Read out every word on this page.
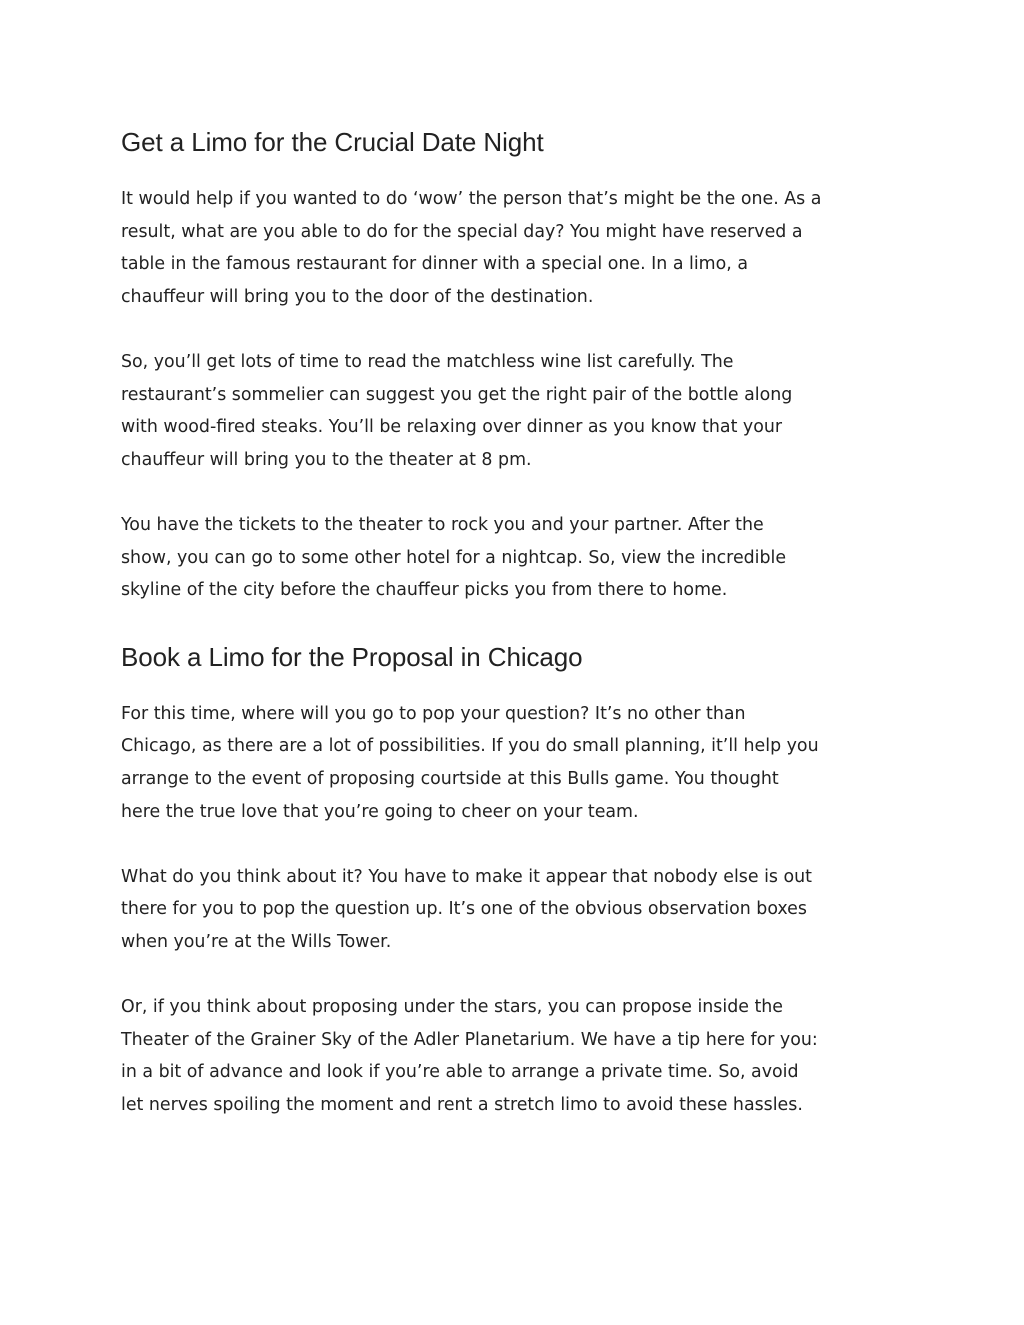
Get a Limo for the Crucial Date Night

It would help if you wanted to do ‘wow’ the person that’s might be the one. As a
result, what are you able to do for the special day? You might have reserved a
table in the famous restaurant for dinner with a special one. In a limo, a
chauffeur will bring you to the door of the destination.

So, you’ll get lots of time to read the matchless wine list carefully. The
restaurant’s sommelier can suggest you get the right pair of the bottle along
with wood-fired steaks. You’ll be relaxing over dinner as you know that your
chauffeur will bring you to the theater at 8 pm.

You have the tickets to the theater to rock you and your partner. After the
show, you can go to some other hotel for a nightcap. So, view the incredible
skyline of the city before the chauffeur picks you from there to home.

Book a Limo for the Proposal in Chicago

For this time, where will you go to pop your question? It’s no other than
Chicago, as there are a lot of possibilities. If you do small planning, it’ll help you
arrange to the event of proposing courtside at this Bulls game. You thought
here the true love that you’re going to cheer on your team.

What do you think about it? You have to make it appear that nobody else is out
there for you to pop the question up. It’s one of the obvious observation boxes
when you’re at the Wills Tower.

Or, if you think about proposing under the stars, you can propose inside the
Theater of the Grainer Sky of the Adler Planetarium. We have a tip here for you:
in a bit of advance and look if you’re able to arrange a private time. So, avoid
let nerves spoiling the moment and rent a stretch limo to avoid these hassles.
